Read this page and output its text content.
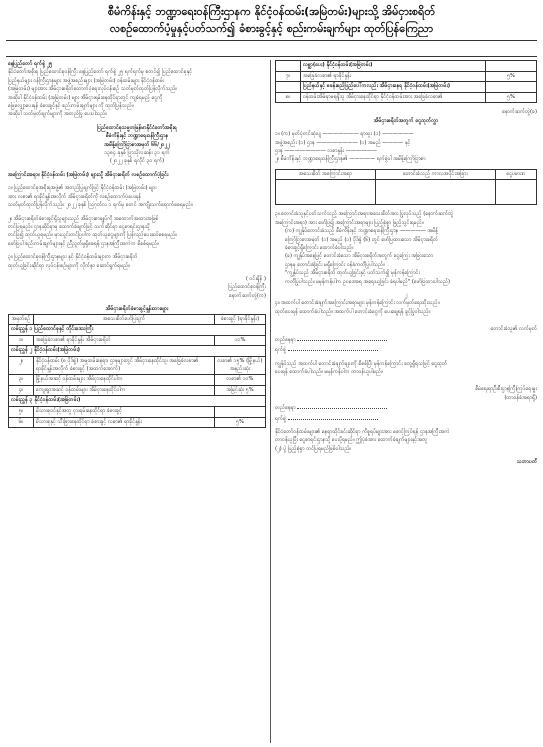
စီမံကိန်းနှင့် ဘဏ္ဍာရေးဝန်ကြီးဌာနက နိုင်ငံ့ဝန်ထမ်း(အမြဲတမ်း)များသို့ အိမ်ငှားစရိတ်
လစဉ်ထောက်ပံ့မှုနှင့်ပတ်သက်၍ ခံစားခွင့်နှင့် စည်းကမ်းချက်များ ထုတ်ပြန်ကြေညာ
နေပြည်တော် ရက်စွဲ ၂၅
နိုင်ငံတော်အစိုးရ ပြည်ထောင်စုဝန်ကြီး နေပြည်တော် ရက်စွဲ ၂၅ ရက်ရက်မှ စတင်၍ ပြည်ထောင်စုနှင့်
ပြည်နယ်များ ဝန်ကြီးဌာနများ အဖွဲ့အစည်းများ (အမြဲတမ်း) ဝန်ထမ်းများ နိုင်ငံ့ဝန်ထမ်း
(အမြဲတမ်း) များအား အိမ်ငှားစရိတ်ထောက်ပံ့ရေးလုပ်ငန်းစဉ် သတ်မှတ်ထုတ်ပြန်လိုက်သည်။
အဆိုပါ နိုင်ငံ့ဝန်ထမ်း (အမြဲတမ်း) များ အိမ်ငှားရမ်းနေထိုင်ရာတွင် ကျခံရမည့် ငွေကို
ဖြေလျှော့ပေးရန် ခံစားခွင့်နှင့် စည်းကမ်းချက်များ ကို ထုတ်ပြန်သည်။
အဆိုပါ သတ်မှတ်ချက်များကို အတည်ပြု ပေးပါသည်။
ပြည်ထောင်စုသမ္မတမြန်မာနိုင်ငံတော်အစိုးရ
စီမံကိန်းနှင့် ဘဏ္ဍာရေးဝန်ကြီးဌာန
အမိန့်ကြော်ငြာစာအမှတ် ၆၆/၂၀၂၂
၁၃၈၄ ခုနှစ် ပြာသိုလဆန်း ၃၁ ရက်
(၂၀၂၂ ခုနှစ် ရုလိုင် ၃၀ ရက်)
အကြောင်းအရာ။ နိုင်ငံ့ဝန်ထမ်း (အမြဲတမ်း) များသို့ အိမ်ငှားစရိတ် လစဉ်ထောက်ပံ့ခြင်း
၁။ ပြည်ထောင်စုအစိုးရအဖွဲ့၏ အတည်ပြုချက်ဖြင့် နိုင်ငံ့ဝန်ထမ်း (အမြဲတမ်း) များ
အား လစာ၏ ရာခိုင်နှုန်းအလိုက် အိမ်ငှားစရိတ်ကို လစဉ်ထောက်ပံ့ပေးရန်
သတ်မှတ်ထုတ်ပြန်လိုက်သည်။ ၂၀၂၂ ခုနှစ် ဩဂုတ်လ ၁ ရက်မှ စတင် အကျိုးသက်ရောက်စေရမည်။
၂။ အိမ်ငှားစရိတ်ခံစားခွင့်ရှိသူများသည် အိမ်ငှားစာချုပ်ကို အထောက်အထားအဖြစ်
တင်ပြရမည်။ ဌာနဆိုင်ရာမှ ထောက်ခံချက်ဖြင့် သက်ဆိုင်ရာ ငွေစာရင်းဌာနသို့
တင်ပြ၍ ထုတ်ယူရမည်။ မှားယွင်းတင်ပြပါက ထုတ်ယူငွေများကို ပြန်လည်ပေးဆပ်စေရမည်။
ဖော်ပြပါ စည်းကမ်းချက်များနှင့် ညီညွတ်မှုရှိစေရန် ဌာနအကြီးအကဲက စိစစ်ရမည်။
၃။ ပြည်ထောင်စုဝန်ကြီးဌာနများ နှင့် နိုင်ငံ့ဝန်ထမ်းများက အိမ်ငှားစရိတ်
ထုတ်ယူခြင်းဆိုင်ရာ လုပ်ငန်းစဉ်များကို လိုက်နာ ဆောင်ရွက်ရမည်။
( ဝင်းရှိန် )
ပြည်ထောင်စုဝန်ကြီး
နောက်ဆက်တွဲ(က)
အိမ်ငှားစရိတ်ခံစားခွင့်နှုန်းထားများ
အမှတ်စဉ်	အသေးစိတ်ဖော်ပြချက်	ခံစားခွင့် (ရာခိုင်နှုန်း)
လမ်းညွှန် ၁ ပြည်ထောင်စုနှင့် တိုင်းဒေသကြီး		
၁။	အခြေခံလစာ၏ ရာခိုင်နှုန်း အိမ်ငှားစရိတ်	၁၀%
လမ်းညွှန် ၂ နိုင်ငံ့ဝန်ထမ်း(အမြဲတမ်း)		
၂။	နိုင်ငံ့ဝန်ထမ်း (၈ ပိုဒ်ခွဲ) အမှုထမ်းနေရာ၊ ဌာနများတွင် အိမ်ငှားနေထိုင်သူ၊ အခြေခံလစာ၏ ရာခိုင်နှုန်းအလိုက် ခံစားခွင့် (အထက်အောက်)	လစာ၏ ၁၅% (မြို့နယ်) အနည်းဆုံး
၃။	မြို့နယ်အဆင့် ဝန်ထမ်းများ အိမ်ငှားနေထိုင်ပါက	လစာ၏ ၁၀%
၄။	ကျေးရွာအဆင့် ဝန်ထမ်းများ အိမ်ငှားနေထိုင်ပါက	အမြင့်ဆုံး ၅%
လမ်းညွှန် ၃ နိုင်ငံ့ဝန်ထမ်း(အမြဲတမ်း)		
၅။	မိသားစုဝင်နှင့်အတူ ငှားရမ်းနေထိုင်ရာ ခံစားခွင့်	
၆။	မိသားစုနှင့် သီးခြားနေထိုင်ရာ ခံစားခွင့် လစာ၏ ရာခိုင်နှုန်း	၅%
	လစ္ဆာ(ပေး) နိုင်ငံ့ဝန်ထမ်း(အမြဲတမ်း)	
၇။	အခြေခံလစာ၏ ရာခိုင်နှုန်း	၅%
	ပြည်နယ်နှင့် စခန်းစည်ပြည်ပေါ်ကလည်း အိမ်ငှားနေရ နိုင်ငံ့ဝန်ထမ်း(အမြဲတမ်း)	
၈။	ဝန်ထမ်းအိမ်ရာမရရှိသူ အိမ်ငှားနေထိုင်ရာ နိုင်ငံ့ဝန်ထမ်းအား အခြေခံလစာ၏	၅%
နောက်ဆက်တွဲ(ခ)
အိမ်ငှားစရိတ်အတွက် ငွေထုတ်လွှာ
၁။ (က) မှတ်ပုံတင်ဆုံးပျ ——————— ရာထူး (၁) ——————
အဖွဲ့အစည်း (၁) ဌာန ———————— (၁) အမည် ———— နှင့်
ဌာန ———————— လစာနှုန်း ——————
၂။ စီမံကိန်းနှင့် ဘဏ္ဍာရေးဝန်ကြီးဌာန၏ ————— ရက်စွဲပါ အမိန့်ကြော်ငြာစာ
အသေးစိတ် အကြောင်းအရာ	တောင်းခံသည့် ကာလအပိုင်းအခြား	ငွေပမာဏ

၃။ တောင်းခံသူနှင့်ပတ်သက်သည့် အကြောင်းအရာအသေးစိတ်အား ပြုလုပ်သည့် (နောက်ဆက်တွဲ
အကြောင်းအရာ) အား ဖော်ပြ၍ အကြောင်းအရာများ ပြည့်စုံစွာ ဖြည့်သွင်းရမည်။
(က) ကျွန်ုပ်တောင်းခံသည့် စီမံကိန်းနှင့် ဘဏ္ဍာရေးဝန်ကြီးဌာန ————— အမိန့်
ကြော်ငြာစာအမှတ် (၁) အမည် (၁) ပိုဒ်ခွဲ (၆) တွင် ဖော်ပြထားသော အိမ်ငှားစရိတ်
ခံစားခွင့်ရှိကြောင်း ထောက်ခံပါသည်။
(ခ) ကျွန်ုပ်အနေဖြင့် တောင်းခံသော အိမ်ငှားစရိတ်အတွက် ငွေကြေး အခြားသော
ဌာနမှ တောင်းခံခြင်း မရှိကြောင်း ဝန်ခံကတိပြုပါသည်။
"ကျွန်ုပ်သည် အိမ်ငှားစရိတ် ထုတ်ယူခြင်းနှင့် ပတ်သက်၍ မှန်ကန်ကြောင်း
ကတိပြုပါသည်။ မမှန်ကန်ပါက ဥပဒေအရ အရေးယူခြင်း ခံရပါမည်" (ဖော်ပြထားပါသည်)
၂
၄။ အထက်ပါ တောင်းခံချက်အကြောင်းအရာများ မှန်ကန်ကြောင်း လက်မှတ်ရေးထိုးသည်။
ထုတ်ပေးရန် ထောက်ခံပါသည်။ အထက်ပါ တောင်းခံငွေကို ပေးချေရန် ခွင့်ပြုပါသည်။
တောင်းခံသူ၏ လက်မှတ်
တည်နေရာ
ရက်စွဲ
ကျွန်ုပ်သည် အထက်ပါ တောင်းခံချက်များကို စိစစ်ပြီး မှန်ကန်ကြောင်း တွေ့ရှိရသဖြင့် ငွေထုတ်
ပေးရန် ထောက်ခံပါသည်။ မမှန်ကန်ပါက တာဝန်ယူပါမည်။
စီမံရေးရာဦးစီးဌာနကြီးကြပ်ရေးမှူး
(တာဝန်ခံအရာရှိ)
တည်နေရာ
ရက်စွဲ
နိုင်ငံတော်ဝန်ထမ်းများ၏ နေရာထိုင်ခင်းဆိုင်ရာ ကိစ္စရပ်များအား စောင့်ကြပ်ရန် ဌာနအကြီးအကဲ
တာဝန်ယူပြီး ငွေစာရင်းဌာနသို့ ပေးပို့ရမည်။ ဤပုံစံအား ထောက်ခံချက်များနှင့်အတူ
(၂) ပွဲ ပြည့်စုံစွာ တင်ပြရမည်ဖြစ်ပါသည်။
သဘာပတိ
